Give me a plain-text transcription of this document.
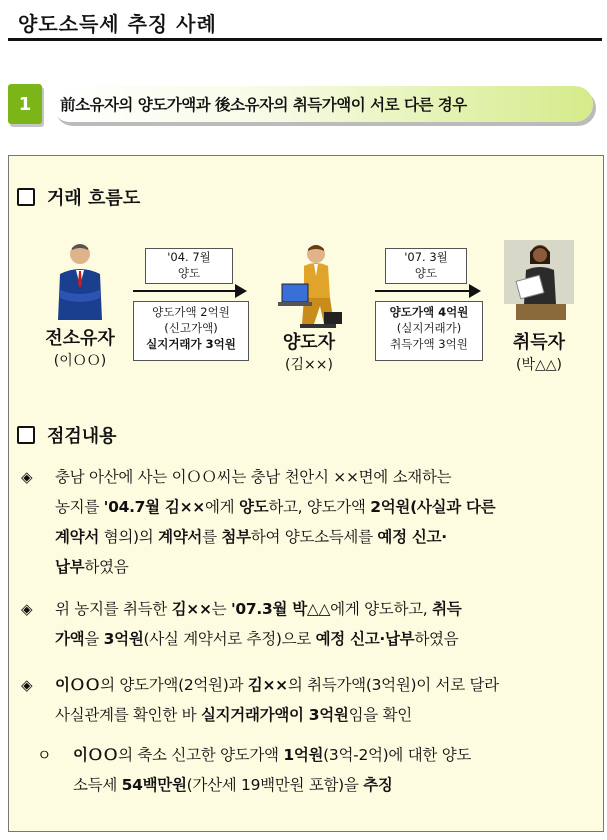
양도소득세 추징 사례
1	前소유자의 양도가액과 後소유자의 취득가액이 서로 다른 경우
거래 흐름도
전소유자
(이ＯＯ)
'04. 7월
양도
양도가액 2억원
(신고가액)
실지거래가 3억원	양도자
(김××)
'07. 3월
양도
양도가액 4억원
(실지거래가)
취득가액 3억원	취득자
(박△△)
점검내용
◈ 충남 아산에 사는 이ＯＯ씨는 충남 천안시 ××면에 소재하는
농지를 '04.7월 김××에게 양도하고, 양도가액 2억원(사실과 다른
계약서 혐의)의 계약서를 첨부하여 양도소득세를 예정 신고·
납부하였음
◈ 위 농지를 취득한 김××는 '07.3월 박△△에게 양도하고, 취득
가액을 3억원(사실 계약서로 추정)으로 예정 신고·납부하였음
◈ 이ＯＯ의 양도가액(2억원)과 김××의 취득가액(3억원)이 서로 달라
사실관계를 확인한 바 실지거래가액이 3억원임을 확인
ㅇ 이ＯＯ의 축소 신고한 양도가액 1억원(3억-2억)에 대한 양도
소득세 54백만원(가산세 19백만원 포함)을 추징
